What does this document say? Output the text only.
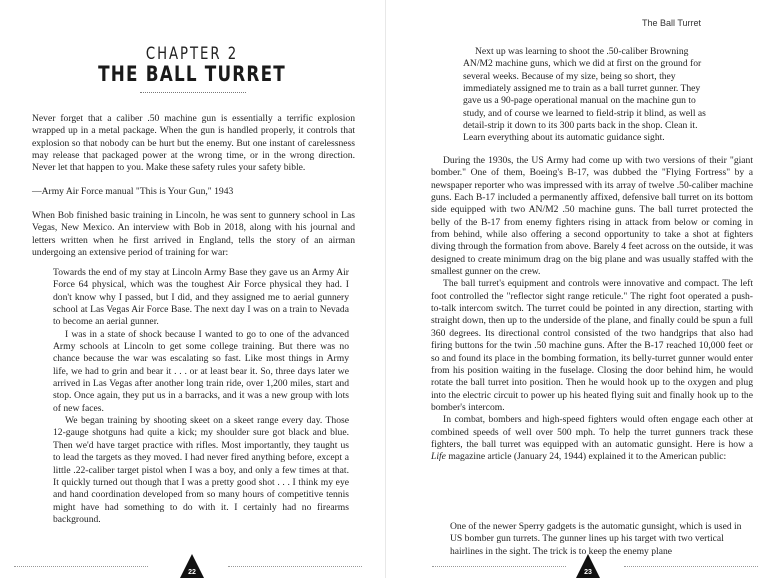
CHAPTER 2
THE BALL TURRET

Never forget that a caliber .50 machine gun is essentially a terrific explosion wrapped up in a metal package. When the gun is handled properly, it controls that explosion so that nobody can be hurt but the enemy. But one instant of carelessness may release that packaged power at the wrong time, or in the wrong direction. Never let that happen to you. Make these safety rules your safety bible.

—Army Air Force manual "This is Your Gun," 1943

When Bob finished basic training in Lincoln, he was sent to gunnery school in Las Vegas, New Mexico. An interview with Bob in 2018, along with his journal and letters written when he first arrived in England, tells the story of an airman undergoing an extensive period of training for war:

Towards the end of my stay at Lincoln Army Base they gave us an Army Air Force 64 physical, which was the toughest Air Force physical they had. I don't know why I passed, but I did, and they assigned me to aerial gunnery school at Las Vegas Air Force Base. The next day I was on a train to Nevada to become an aerial gunner.

I was in a state of shock because I wanted to go to one of the advanced Army schools at Lincoln to get some college training. But there was no chance because the war was escalating so fast. Like most things in Army life, we had to grin and bear it . . . or at least bear it. So, three days later we arrived in Las Vegas after another long train ride, over 1,200 miles, start and stop. Once again, they put us in a barracks, and it was a new group with lots of new faces.

We began training by shooting skeet on a skeet range every day. Those 12-gauge shotguns had quite a kick; my shoulder sure got black and blue. Then we'd have target practice with rifles. Most importantly, they taught us to lead the targets as they moved. I had never fired anything before, except a little .22-caliber target pistol when I was a boy, and only a few times at that. It quickly turned out though that I was a pretty good shot . . . I think my eye and hand coordination developed from so many hours of competitive tennis might have had something to do with it. I certainly had no firearms background.

22
The Ball Turret

Next up was learning to shoot the .50-caliber Browning AN/M2 machine guns, which we did at first on the ground for several weeks. Because of my size, being so short, they immediately assigned me to train as a ball turret gunner. They gave us a 90-page operational manual on the machine gun to study, and of course we learned to field-strip it blind, as well as detail-strip it down to its 300 parts back in the shop. Clean it. Learn everything about its automatic guidance sight.

During the 1930s, the US Army had come up with two versions of their "giant bomber." One of them, Boeing's B-17, was dubbed the "Flying Fortress" by a newspaper reporter who was impressed with its array of twelve .50-caliber machine guns. Each B-17 included a permanently affixed, defensive ball turret on its bottom side equipped with two AN/M2 .50 machine guns. The ball turret protected the belly of the B-17 from enemy fighters rising in attack from below or coming in from behind, while also offering a second opportunity to take a shot at fighters diving through the formation from above. Barely 4 feet across on the outside, it was designed to create minimum drag on the big plane and was usually staffed with the smallest gunner on the crew.

The ball turret's equipment and controls were innovative and compact. The left foot controlled the "reflector sight range reticule." The right foot operated a push-to-talk intercom switch. The turret could be pointed in any direction, starting with straight down, then up to the underside of the plane, and finally could be spun a full 360 degrees. Its directional control consisted of the two handgrips that also had firing buttons for the twin .50 machine guns. After the B-17 reached 10,000 feet or so and found its place in the bombing formation, its belly-turret gunner would enter from his position waiting in the fuselage. Closing the door behind him, he would rotate the ball turret into position. Then he would hook up to the oxygen and plug into the electric circuit to power up his heated flying suit and finally hook up to the bomber's intercom.

In combat, bombers and high-speed fighters would often engage each other at combined speeds of well over 500 mph. To help the turret gunners track these fighters, the ball turret was equipped with an automatic gunsight. Here is how a Life magazine article (January 24, 1944) explained it to the American public:

One of the newer Sperry gadgets is the automatic gunsight, which is used in US bomber gun turrets. The gunner lines up his target with two vertical hairlines in the sight. The trick is to keep the enemy plane

23
